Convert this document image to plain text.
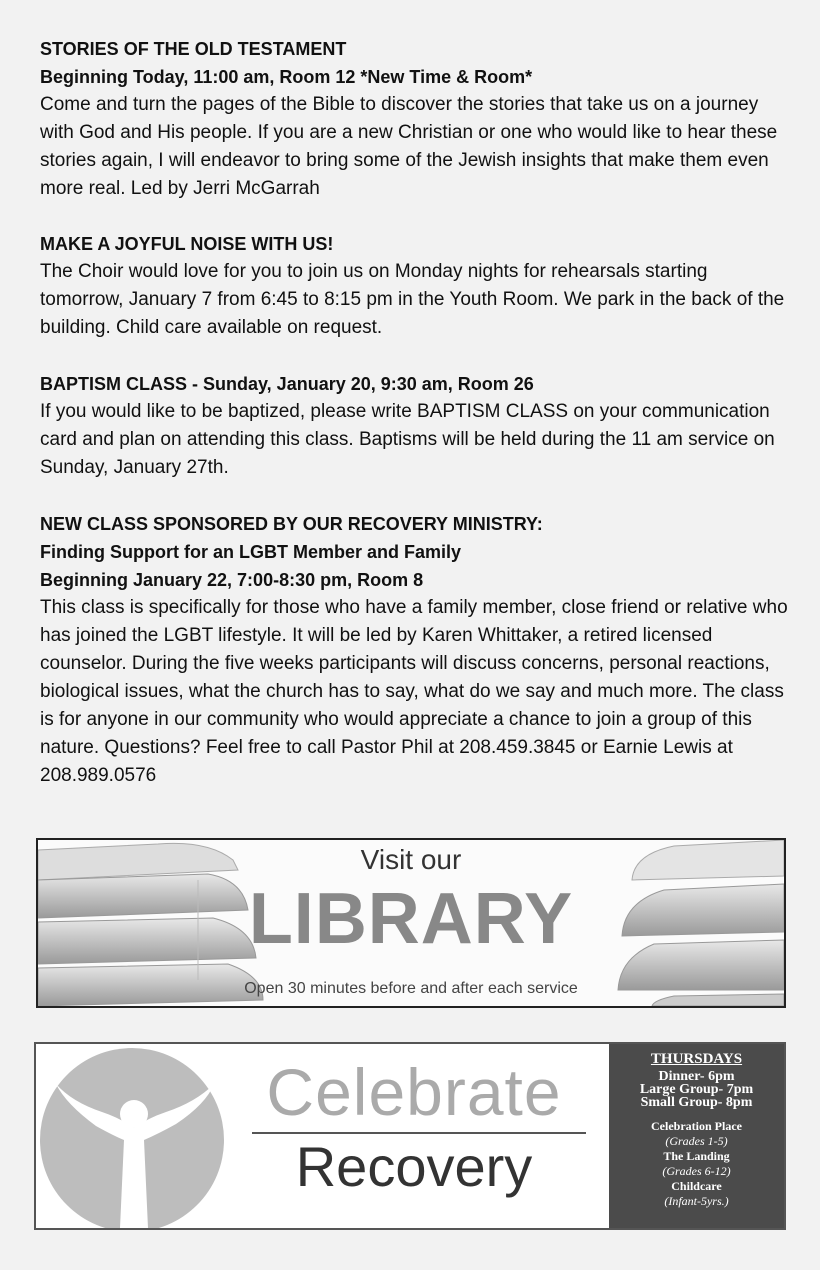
STORIES OF THE OLD TESTAMENT
Beginning Today, 11:00 am, Room 12 *New Time & Room*
Come and turn the pages of the Bible to discover the stories that take us on a journey with God and His people. If you are a new Christian or one who would like to hear these stories again, I will endeavor to bring some of the Jewish insights that make them even more real. Led by Jerri McGarrah
MAKE A JOYFUL NOISE WITH US!
The Choir would love for you to join us on Monday nights for rehearsals starting tomorrow, January 7 from 6:45 to 8:15 pm in the Youth Room. We park in the back of the building. Child care available on request.
BAPTISM CLASS - Sunday, January 20, 9:30 am, Room 26
If you would like to be baptized, please write BAPTISM CLASS on your communication card and plan on attending this class. Baptisms will be held during the 11 am service on Sunday, January 27th.
NEW CLASS SPONSORED BY OUR RECOVERY MINISTRY:
Finding Support for an LGBT Member and Family
Beginning January 22, 7:00-8:30 pm, Room 8
This class is specifically for those who have a family member, close friend or relative who has joined the LGBT lifestyle. It will be led by Karen Whittaker, a retired licensed counselor. During the five weeks participants will discuss concerns, personal reactions, biological issues, what the church has to say, what do we say and much more. The class is for anyone in our community who would appreciate a chance to join a group of this nature. Questions? Feel free to call Pastor Phil at 208.459.3845 or Earnie Lewis at 208.989.0576
Visit our
LIBRARY
Open 30 minutes before and after each service
Celebrate
Recovery
THURSDAYS
Dinner- 6pm
Large Group- 7pm
Small Group- 8pm
Celebration Place
(Grades 1-5)
The Landing
(Grades 6-12)
Childcare
(Infant-5yrs.)
